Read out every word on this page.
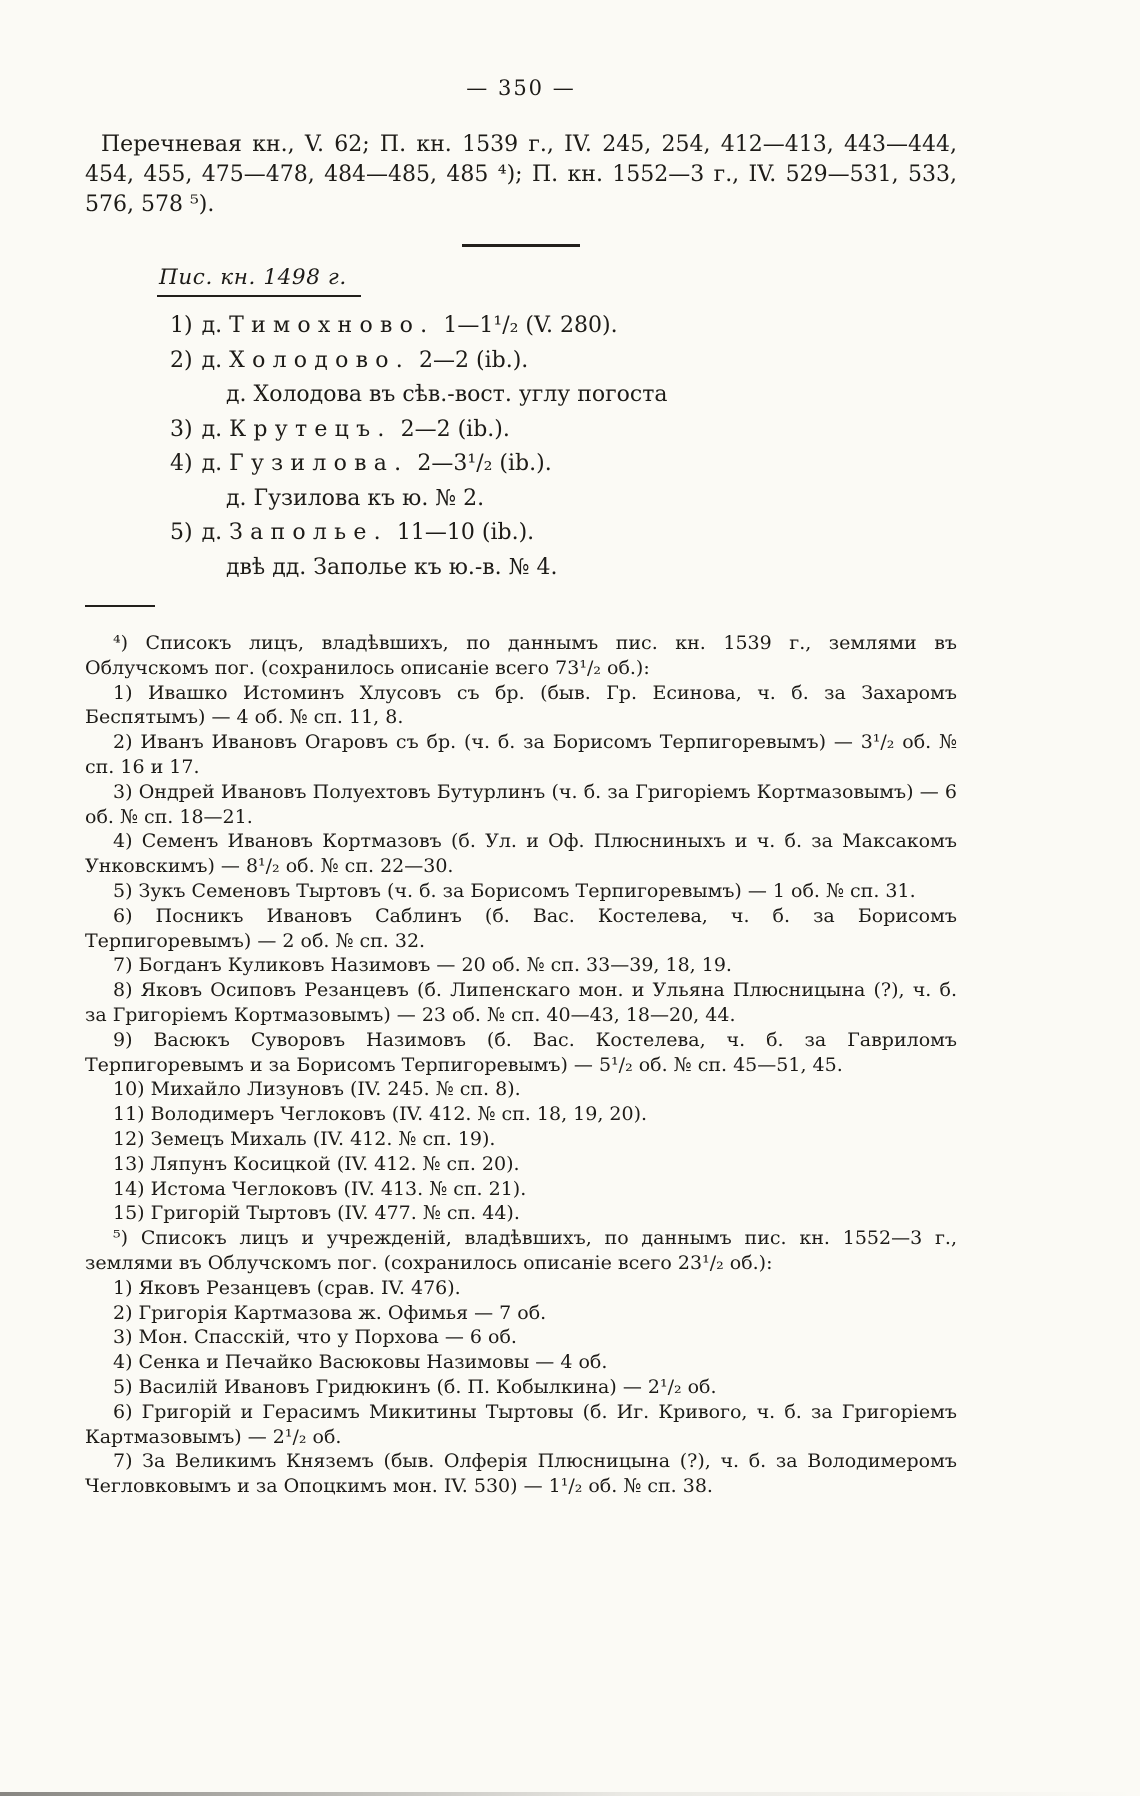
— 350 —

Перечневая кн., V. 62; П. кн. 1539 г., IV. 245, 254, 412—413, 443—444, 454, 455, 475—478, 484—485, 485 ⁴); П. кн. 1552—3 г., IV. 529—531, 533, 576, 578 ⁵).

Пис. кн. 1498 г.
1) д. Тимохново. 1—1¹/₂ (V. 280).
2) д. Холодово. 2—2 (ib.).
д. Холодова въ сѣв.-вост. углу погоста
3) д. Крутецъ. 2—2 (ib.).
4) д. Гузилова. 2—3¹/₂ (ib.).
д. Гузилова къ ю. № 2.
5) д. Заполье. 11—10 (ib.).
двѣ дд. Заполье къ ю.-в. № 4.

⁴) Списокъ лицъ, владѣвшихъ, по даннымъ пис. кн. 1539 г., землями въ Облучскомъ пог. (сохранилось описаніе всего 73¹/₂ об.):

1) Ивашко Истоминъ Хлусовъ съ бр. (быв. Гр. Есинова, ч. б. за Захаромъ Беспятымъ) — 4 об. № сп. 11, 8.

2) Иванъ Ивановъ Огаровъ съ бр. (ч. б. за Борисомъ Терпигоревымъ) — 3¹/₂ об. № сп. 16 и 17.

3) Ондрей Ивановъ Полуехтовъ Бутурлинъ (ч. б. за Григоріемъ Кортмазовымъ) — 6 об. № сп. 18—21.

4) Семенъ Ивановъ Кортмазовъ (б. Ул. и Оф. Плюсниныхъ и ч. б. за Максакомъ Унковскимъ) — 8¹/₂ об. № сп. 22—30.

5) Зукъ Семеновъ Тыртовъ (ч. б. за Борисомъ Терпигоревымъ) — 1 об. № сп. 31.

6) Посникъ Ивановъ Саблинъ (б. Вас. Костелева, ч. б. за Борисомъ Терпигоревымъ) — 2 об. № сп. 32.

7) Богданъ Куликовъ Назимовъ — 20 об. № сп. 33—39, 18, 19.

8) Яковъ Осиповъ Резанцевъ (б. Липенскаго мон. и Ульяна Плюсницына (?), ч. б. за Григоріемъ Кортмазовымъ) — 23 об. № сп. 40—43, 18—20, 44.

9) Васюкъ Суворовъ Назимовъ (б. Вас. Костелева, ч. б. за Гавриломъ Терпигоревымъ и за Борисомъ Терпигоревымъ) — 5¹/₂ об. № сп. 45—51, 45.

10) Михайло Лизуновъ (IV. 245. № сп. 8).

11) Володимеръ Чеглоковъ (IV. 412. № сп. 18, 19, 20).

12) Земецъ Михаль (IV. 412. № сп. 19).

13) Ляпунъ Косицкой (IV. 412. № сп. 20).

14) Истома Чеглоковъ (IV. 413. № сп. 21).

15) Григорій Тыртовъ (IV. 477. № сп. 44).

⁵) Списокъ лицъ и учрежденій, владѣвшихъ, по даннымъ пис. кн. 1552—3 г., землями въ Облучскомъ пог. (сохранилось описаніе всего 23¹/₂ об.):

1) Яковъ Резанцевъ (срав. IV. 476).

2) Григорія Картмазова ж. Офимья — 7 об.

3) Мон. Спасскій, что у Порхова — 6 об.

4) Сенка и Печайко Васюковы Назимовы — 4 об.

5) Василій Ивановъ Гридюкинъ (б. П. Кобылкина) — 2¹/₂ об.

6) Григорій и Герасимъ Микитины Тыртовы (б. Иг. Кривого, ч. б. за Григоріемъ Картмазовымъ) — 2¹/₂ об.

7) За Великимъ Княземъ (быв. Олферія Плюсницына (?), ч. б. за Володимеромъ Чегловковымъ и за Опоцкимъ мон. IV. 530) — 1¹/₂ об. № сп. 38.
